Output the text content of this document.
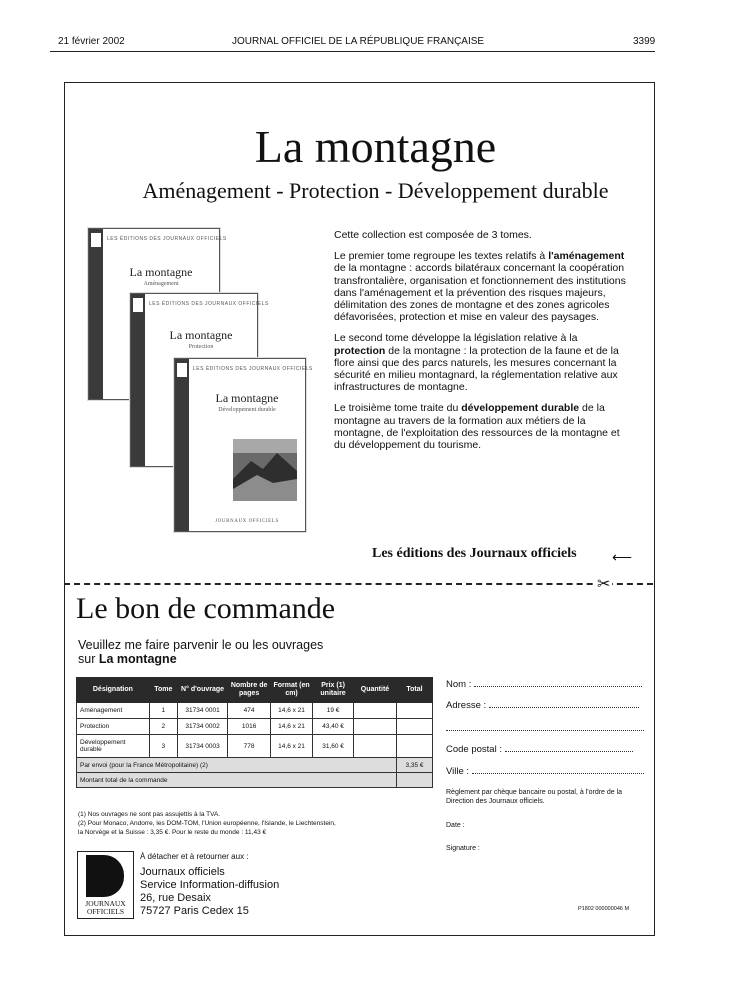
21 février 2002	JOURNAL OFFICIEL DE LA RÉPUBLIQUE FRANÇAISE	3399
La montagne
Aménagement - Protection - Développement durable
LES ÉDITIONS DES JOURNAUX OFFICIELS
La montagne
Aménagement
LES ÉDITIONS DES JOURNAUX OFFICIELS
La montagne
Protection
LES ÉDITIONS DES JOURNAUX OFFICIELS
La montagne
Développement durable
JOURNAUX OFFICIELS

Cette collection est composée de 3 tomes.

Le premier tome regroupe les textes relatifs à l'aménagement de la montagne : accords bilatéraux concernant la coopération transfrontalière, organisation et fonctionnement des institutions dans l'aménagement et la prévention des risques majeurs, délimitation des zones de montagne et des zones agricoles défavorisées, protection et mise en valeur des paysages.

Le second tome développe la législation relative à la protection de la montagne : la protection de la faune et de la flore ainsi que des parcs naturels, les mesures concernant la sécurité en milieu montagnard, la réglementation relative aux infrastructures de montagne.

Le troisième tome traite du développement durable de la montagne au travers de la formation aux métiers de la montagne, de l'exploitation des ressources de la montagne et du développement du tourisme.

Les éditions des Journaux officiels	⟵
✂
Le bon de commande
Veuillez me faire parvenir le ou les ouvrages
sur La montagne
Désignation	Tome	N° d'ouvrage	Nombre de pages	Format (en cm)	Prix (1) unitaire	Quantité	Total
Aménagement	1	31734 0001	474	14,6 x 21	19 €		
Protection	2	31734 0002	1016	14,6 x 21	43,40 €		
Développement durable	3	31734 0003	778	14,6 x 21	31,60 €		
Par envoi (pour la France Métropolitaine) (2)							3,35 €
Montant total de la commande							
(1) Nos ouvrages ne sont pas assujettis à la TVA.
(2) Pour Monaco, Andorre, les DOM-TOM, l'Union européenne, l'Islande, le Liechtenstein,
la Norvège et la Suisse : 3,35 €. Pour le reste du monde : 11,43 €
Nom :
Adresse :
Code postal :
Ville :
Règlement par chèque bancaire ou postal, à l'ordre de la Direction des Journaux officiels.
Date :
Signature :
JOURNAUX
OFFICIELS
À détacher et à retourner aux :
Journaux officiels
Service Information-diffusion
26, rue Desaix
75727 Paris Cedex 15	P1802 000000046 M
